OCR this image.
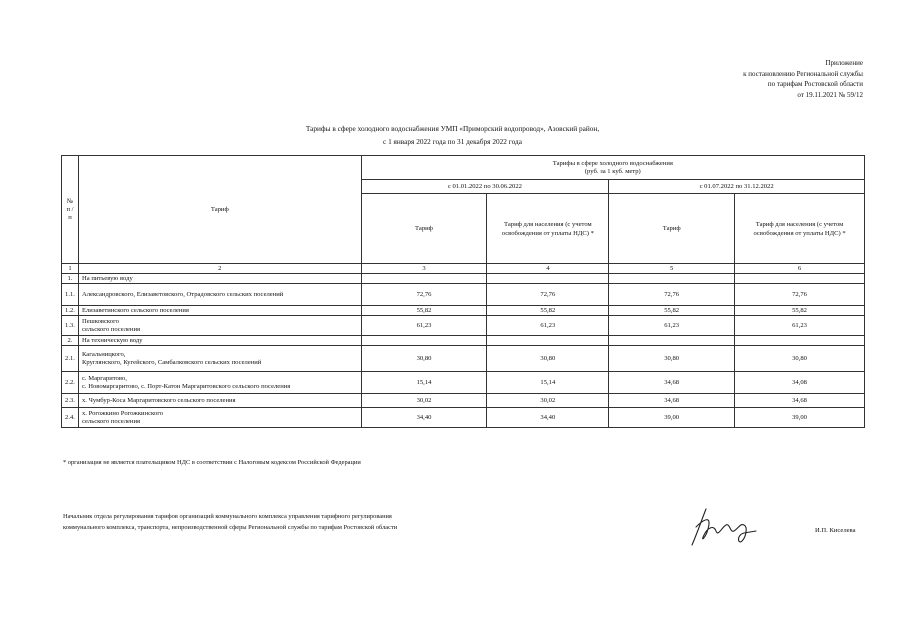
Приложение
к постановлению Региональной службы
по тарифам Ростовской области
от 19.11.2021 № 59/12
Тарифы в сфере холодного водоснабжения УМП «Приморский водопровод», Азовский район,
с 1 января 2022 года по 31 декабря 2022 года
№
п /п	Тариф	Тарифы в сфере холодного водоснабжения
(руб. за 1 куб. метр)			
		с 01.01.2022 по 30.06.2022		с 01.07.2022 по 31.12.2022	
		Тариф	Тариф для населения (с учетом освобождения от уплаты НДС) *	Тариф	Тариф для населения (с учетом освобождения от уплаты НДС) *
1	2	3	4	5	6
1.	На питьевую воду				

1.1.	Александровского, Елизаветовского, Отрадовского сельских поселений	72,76	72,76	72,76	72,76
1.2.	Елизаветинского сельского поселения	55,82	55,82	55,82	55,82
1.3.	Пешковского
сельского поселения	61,23	61,23	61,23	61,23
2.	На техническую воду				

2.1.	Кагальницкого,
Круглянского, Кугейского, Самбалковского сельских поселений	30,80	30,80	30,80	30,80
2.2.	с. Маргаритово,
с. Новомаргаритово, с. Порт-Катон Маргаритовского сельского поселения	15,14	15,14	34,68	34,08
2.3.	х. Чумбур-Коса Маргаритовского сельского поселения	30,02	30,02	34,68	34,68
2.4.	х. Рогожкино Рогожкинского
сельского поселения	34,40	34,40	39,00	39,00
* организация не является плательщиком НДС в соответствии с Налоговым кодексом Российской Федерации
Начальник отдела регулирования тарифов организаций коммунального комплекса управления тарифного регулирования
коммунального комплекса, транспорта, непроизводственной сферы Региональной службы по тарифам Ростовской области	И.П. Киселева
